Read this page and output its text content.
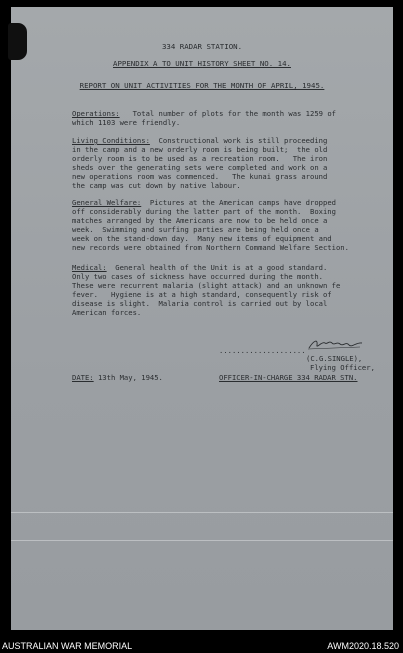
334 RADAR STATION.

APPENDIX A TO UNIT HISTORY SHEET NO. 14.

REPORT ON UNIT ACTIVITIES FOR THE MONTH OF APRIL, 1945.

Operations:   Total number of plots for the month was 1259 of

which 1103 were friendly.

Living Conditions:  Constructional work is still proceeding

in the camp and a new orderly room is being built;  the old

orderly room is to be used as a recreation room.   The iron

sheds over the generating sets were completed and work on a

new operations room was commenced.   The kunai grass around

the camp was cut down by native labour.

General Welfare:  Pictures at the American camps have dropped

off considerably during the latter part of the month.  Boxing

matches arranged by the Americans are now to be held once a

week.  Swimming and surfing parties are being held once a

week on the stand-down day.  Many new items of equipment and

new records were obtained from Northern Command Welfare Section.

Medical:  General health of the Unit is at a good standard.

Only two cases of sickness have occurred during the month.

These were recurrent malaria (slight attack) and an unknown fe

fever.   Hygiene is at a high standard, consequently risk of

disease is slight.  Malaria control is carried out by local

American forces.

....................

(C.G.SINGLE),

Flying Officer,

DATE: 13th May, 1945.	OFFICER-IN-CHARGE 334 RADAR STN.

AUSTRALIAN WAR MEMORIAL	AWM2020.18.520
